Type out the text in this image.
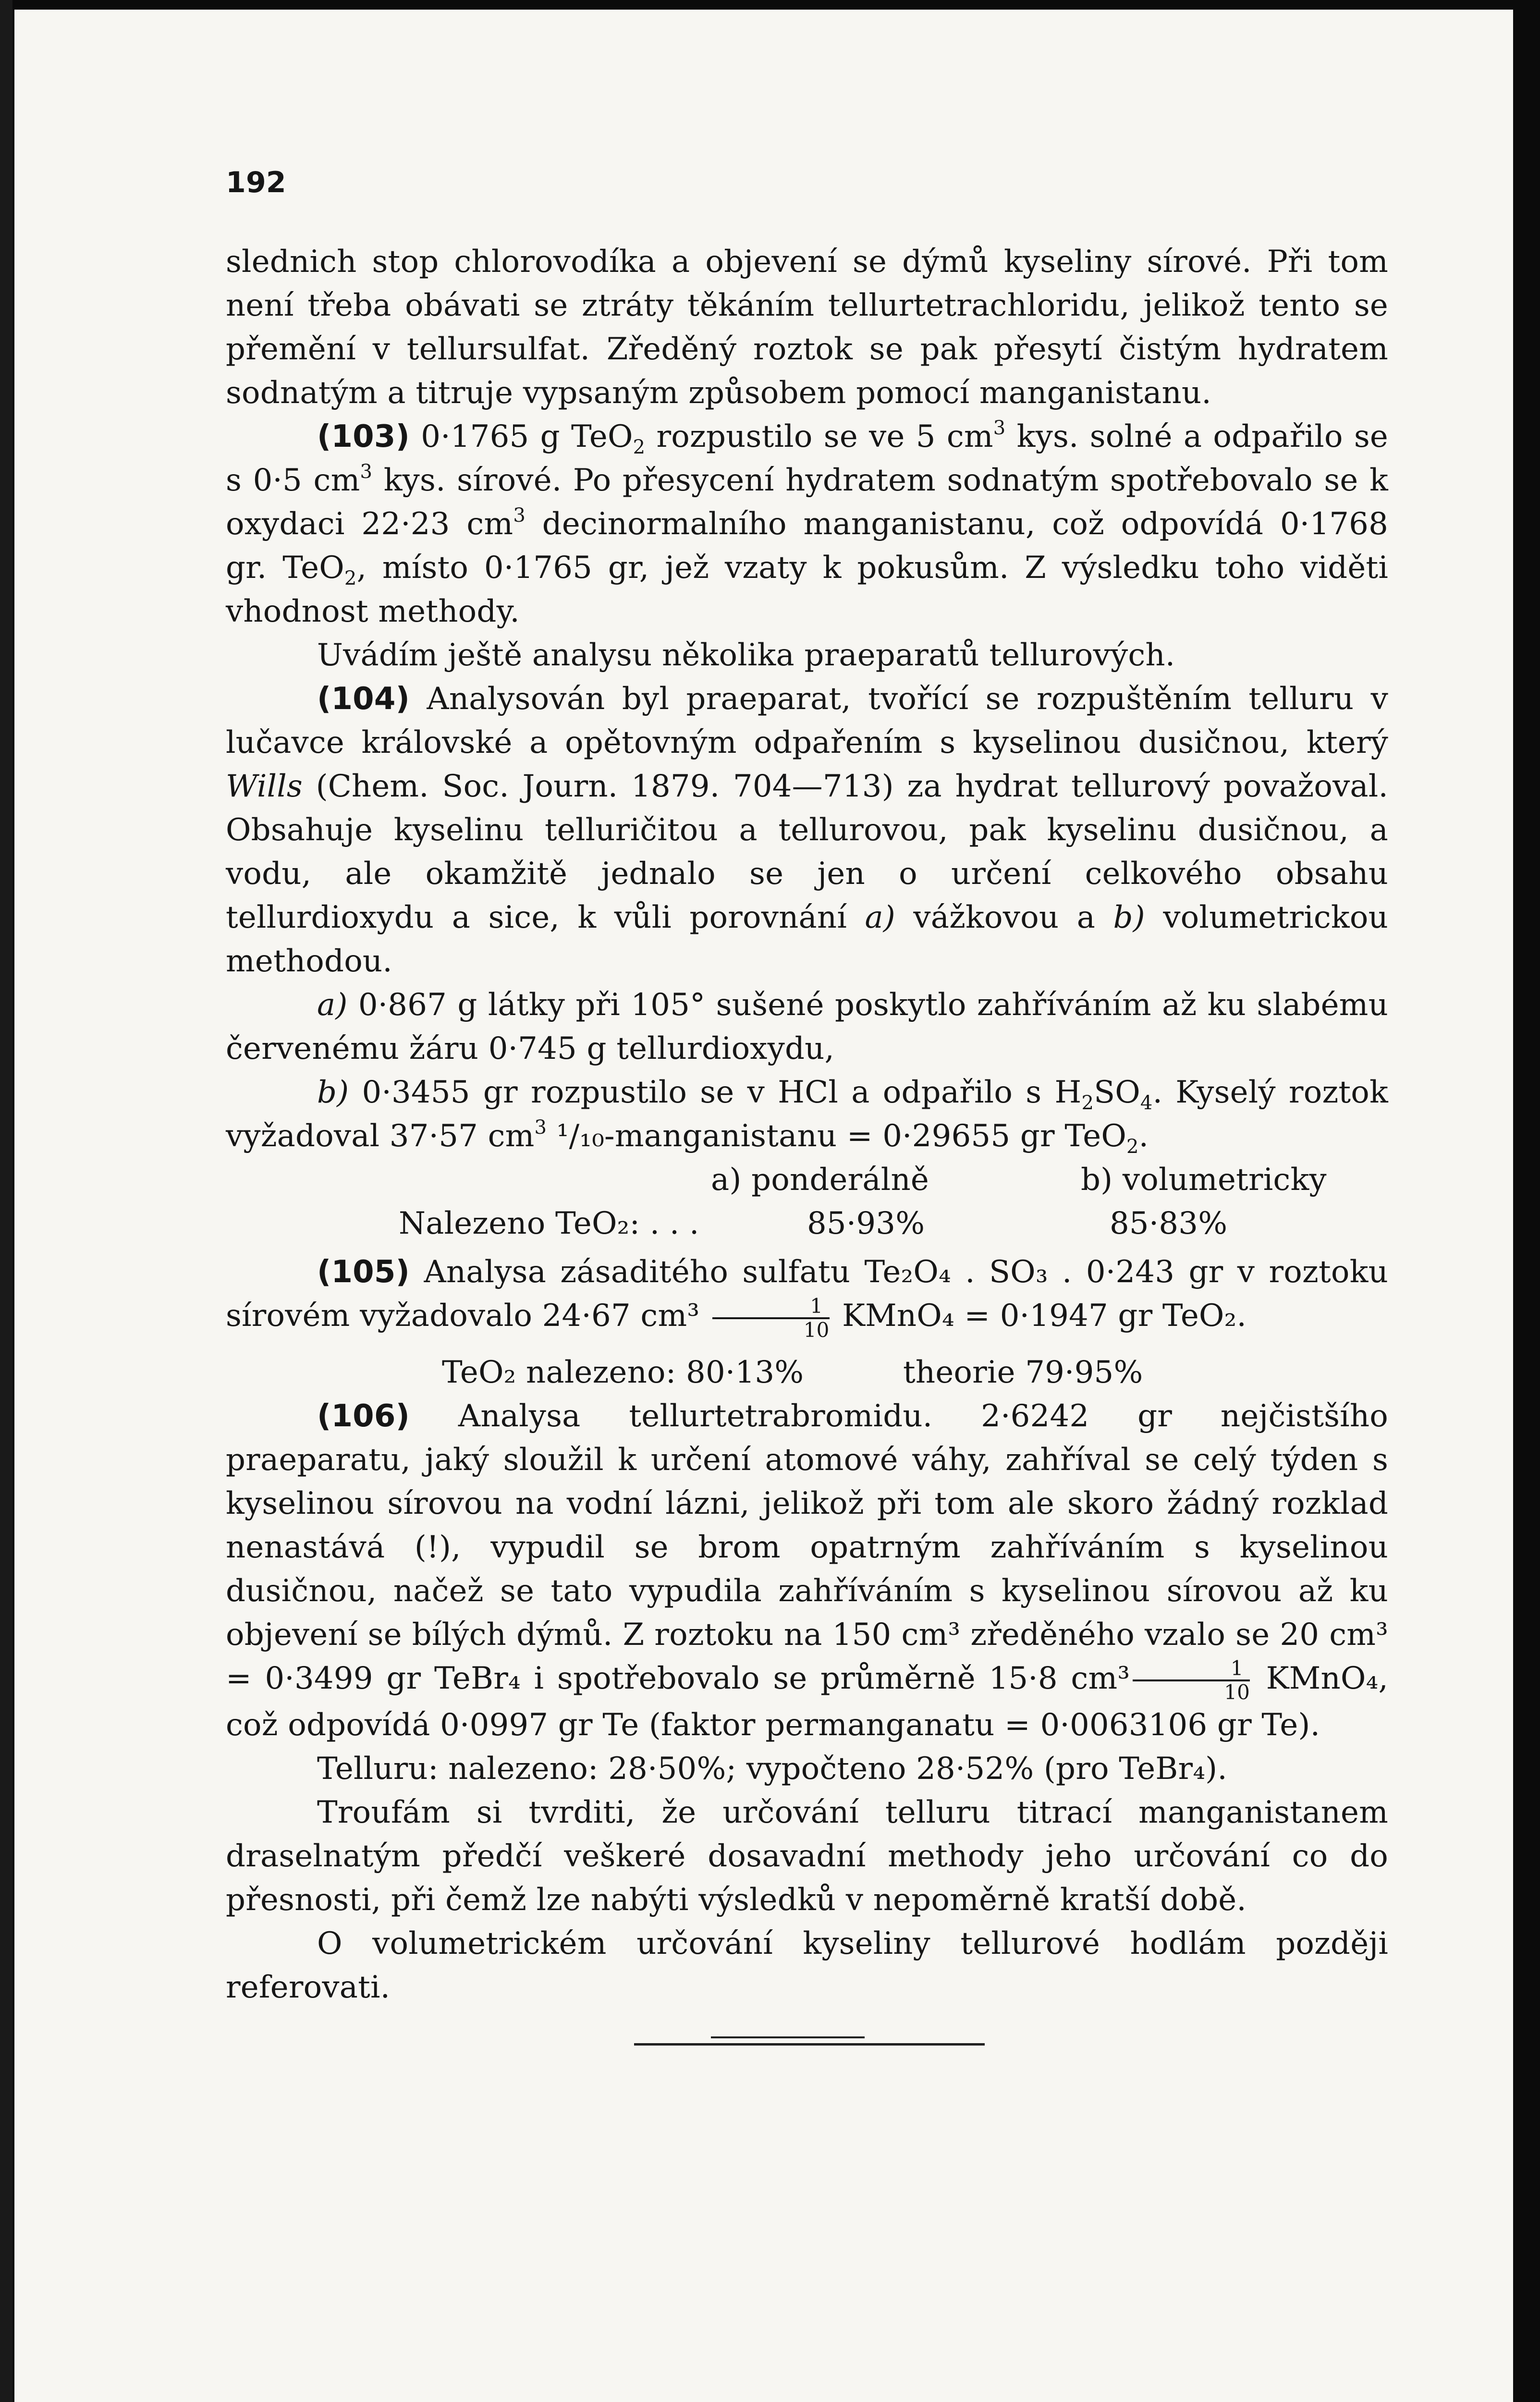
192

slednich stop chlorovodíka a objevení se dýmů kyseliny sírové. Při tom není třeba obávati se ztráty těkáním tellurtetrachloridu, jelikož tento se přemění v tellursulfat. Zředěný roztok se pak přesytí čistým hydratem sodnatým a titruje vypsaným způsobem pomocí manganistanu.

(103) 0·1765 g TeO$_2$ rozpustilo se ve 5 $cm^3$ kys. solné a odpařilo se s 0·5 $cm^3$ kys. sírové. Po přesycení hydratem sodnatým spotřebovalo se k oxydaci 22·23 $cm^3$ decinormalního manganistanu, což odpovídá 0·1768 gr. TeO$_2$, místo 0·1765 gr, jež vzaty k pokusům. Z výsledku toho viděti vhodnost methody.

Uvádím ještě analysu několika praeparatů tellurových.

(104) Analysován byl praeparat, tvořící se rozpuštěním telluru v lučavce královské a opětovným odpařením s kyselinou dusičnou, který Wills (Chem. Soc. Journ. 1879. 704—713) za hydrat tellurový považoval. Obsahuje kyselinu telluričitou a tellurovou, pak kyselinu dusičnou, a vodu, ale okamžitě jednalo se jen o určení celkového obsahu tellurdioxydu a sice, k vůli porovnání a) vážkovou a b) volumetrickou methodou.

a) 0·867 g látky při 105° sušené poskytlo zahříváním až ku slabému červenému žáru 0·745 g tellurdioxydu,

b) 0·3455 gr rozpustilo se v HCl a odpařilo s $H_2SO_4$. Kyselý roztok vyžadoval 37·57 $cm^3$ ¹/₁₀-manganistanu = 0·29655 gr TeO$_2$.

a) ponderálně	b) volumetricky
Nalezeno TeO₂: . . .	85·93%	85·83%

(105) Analysa zásaditého sulfatu Te₂O₄ . SO₃ . 0·243 gr v roztoku sírovém vyžadovalo 24·67 $cm^3 \frac{1}{10}$ KMnO₄ = 0·1947 gr TeO₂.

TeO₂ nalezeno: 80·13%	theorie 79·95%

(106) Analysa tellurtetrabromidu. 2·6242 gr nejčistšího praeparatu, jaký sloužil k určení atomové váhy, zahříval se celý týden s kyselinou sírovou na vodní lázni, jelikož při tom ale skoro žádný rozklad nenastává (!), vypudil se brom opatrným zahříváním s kyselinou dusičnou, načež se tato vypudila zahříváním s kyselinou sírovou až ku objevení se bílých dýmů. Z roztoku na 150 cm³ zředěného vzalo se 20 cm³ = 0·3499 gr TeBr₄ i spotřebovalo se průměrně 15·8 $cm^3 \frac{1}{10}$ KMnO₄, což odpovídá 0·0997 gr Te (faktor permanganatu = 0·0063106 gr Te).

Telluru: nalezeno: 28·50%; vypočteno 28·52% (pro TeBr₄).

Troufám si tvrditi, že určování telluru titrací manganistanem draselnatým předčí veškeré dosavadní methody jeho určování co do přesnosti, při čemž lze nabýti výsledků v nepoměrně kratší době.

O volumetrickém určování kyseliny tellurové hodlám později referovati.
